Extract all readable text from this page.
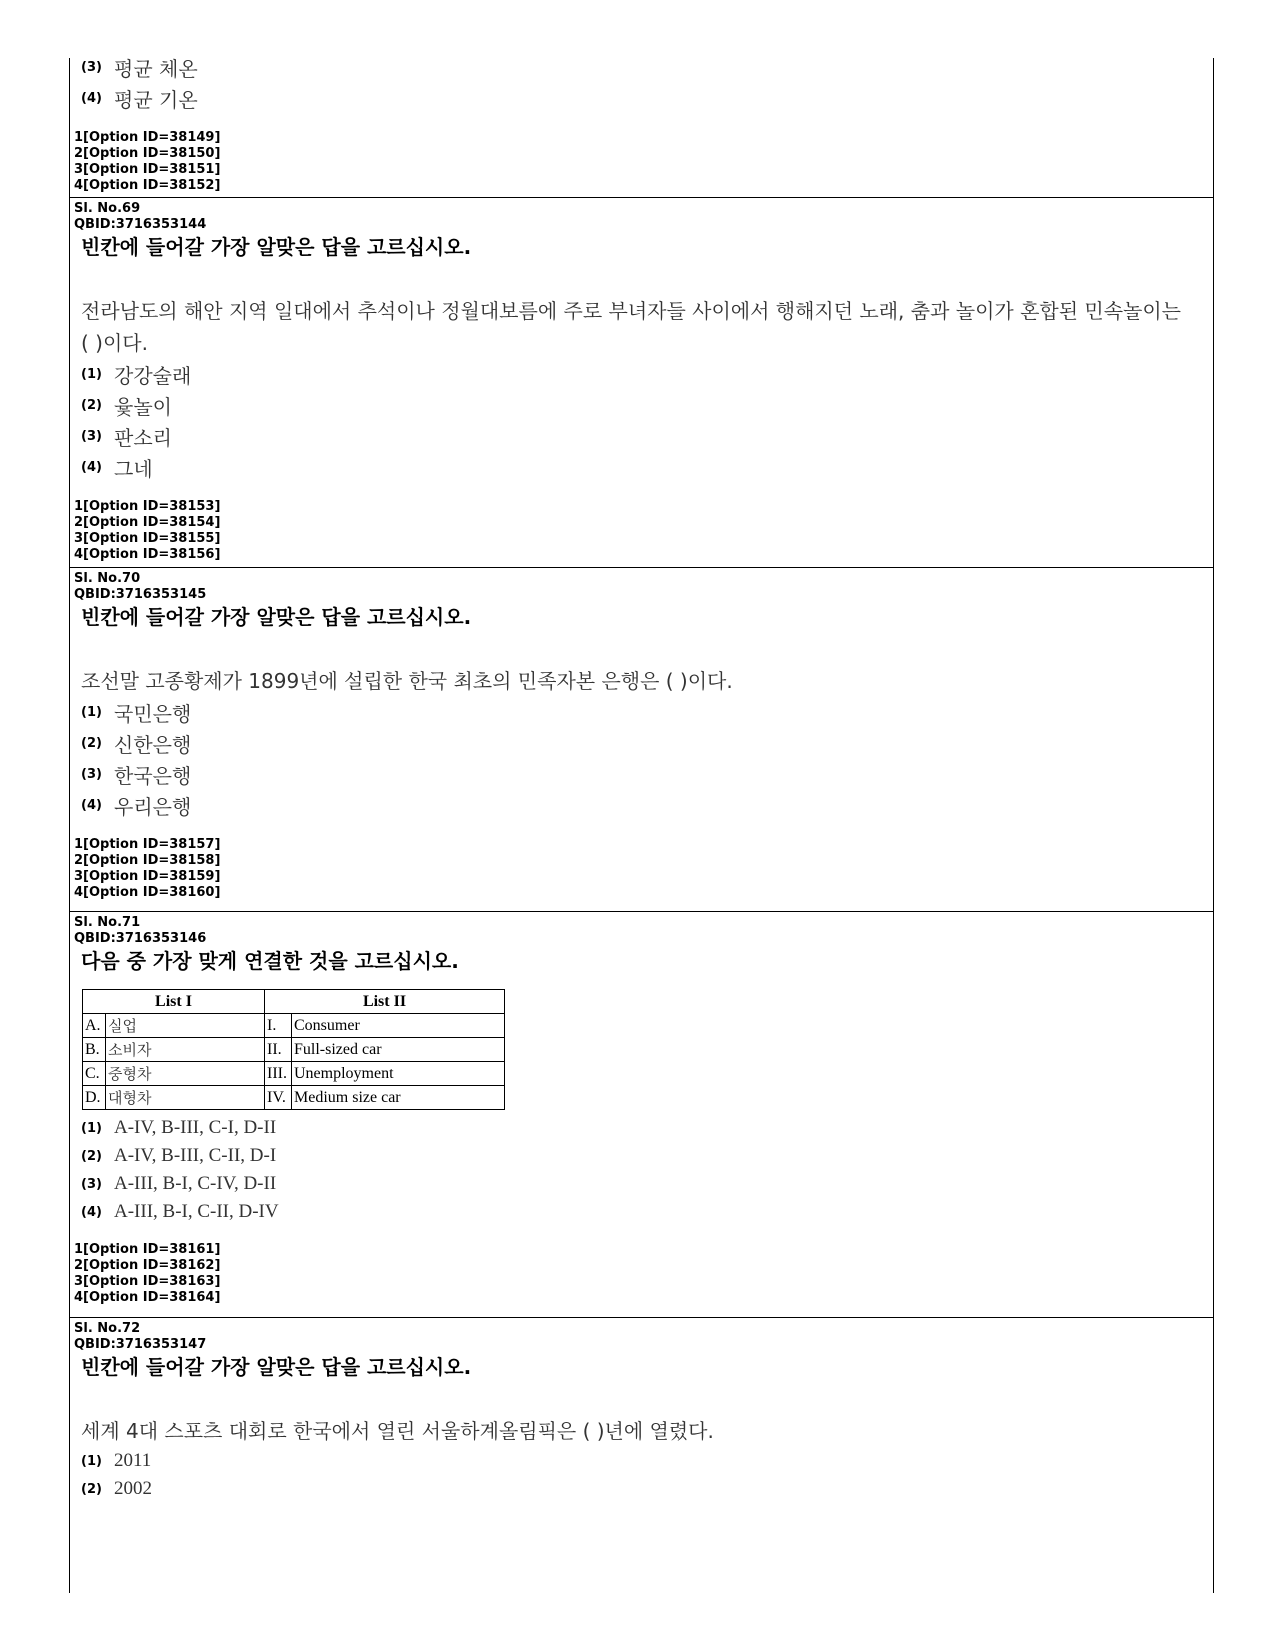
(3) 평균 체온
(4) 평균 기온
1[Option ID=38149]
2[Option ID=38150]
3[Option ID=38151]
4[Option ID=38152]
Sl. No.69
QBID:3716353144
빈칸에 들어갈 가장 알맞은 답을 고르십시오.
전라남도의 해안 지역 일대에서 추석이나 정월대보름에 주로 부녀자들 사이에서 행해지던 노래, 춤과 놀이가 혼합된 민속놀이는 ( )이다.
(1) 강강술래
(2) 윷놀이
(3) 판소리
(4) 그네
1[Option ID=38153]
2[Option ID=38154]
3[Option ID=38155]
4[Option ID=38156]
Sl. No.70
QBID:3716353145
빈칸에 들어갈 가장 알맞은 답을 고르십시오.
조선말 고종황제가 1899년에 설립한 한국 최초의 민족자본 은행은 ( )이다.
(1) 국민은행
(2) 신한은행
(3) 한국은행
(4) 우리은행
1[Option ID=38157]
2[Option ID=38158]
3[Option ID=38159]
4[Option ID=38160]
Sl. No.71
QBID:3716353146
다음 중 가장 맞게 연결한 것을 고르십시오.
List I		List II	
A.	실업	I.	Consumer
B.	소비자	II.	Full-sized car
C.	중형차	III.	Unemployment
D.	대형차	IV.	Medium size car
(1) A-IV, B-III, C-I, D-II
(2) A-IV, B-III, C-II, D-I
(3) A-III, B-I, C-IV, D-II
(4) A-III, B-I, C-II, D-IV
1[Option ID=38161]
2[Option ID=38162]
3[Option ID=38163]
4[Option ID=38164]
Sl. No.72
QBID:3716353147
빈칸에 들어갈 가장 알맞은 답을 고르십시오.
세계 4대 스포츠 대회로 한국에서 열린 서울하계올림픽은 ( )년에 열렸다.
(1) 2011
(2) 2002
